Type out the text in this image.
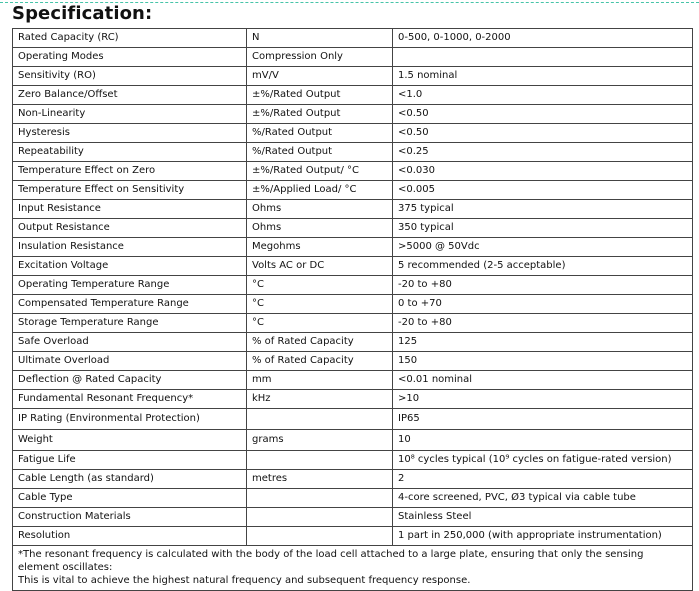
Specification:
Rated Capacity (RC)	N	0-500, 0-1000, 0-2000
Operating Modes	Compression Only	
Sensitivity (RO)	mV/V	1.5 nominal
Zero Balance/Offset	±%/Rated Output	<1.0
Non-Linearity	±%/Rated Output	<0.50
Hysteresis	%/Rated Output	<0.50
Repeatability	%/Rated Output	<0.25
Temperature Effect on Zero	±%/Rated Output/ °C	<0.030
Temperature Effect on Sensitivity	±%/Applied Load/ °C	<0.005
Input Resistance	Ohms	375 typical
Output Resistance	Ohms	350 typical
Insulation Resistance	Megohms	>5000 @ 50Vdc
Excitation Voltage	Volts AC or DC	5 recommended (2-5 acceptable)
Operating Temperature Range	°C	-20 to +80
Compensated Temperature Range	°C	0 to +70
Storage Temperature Range	°C	-20 to +80
Safe Overload	% of Rated Capacity	125
Ultimate Overload	% of Rated Capacity	150
Deflection @ Rated Capacity	mm	<0.01 nominal
Fundamental Resonant Frequency*	kHz	>10
IP Rating (Environmental Protection)		IP65
Weight	grams	10
Fatigue Life		10⁸ cycles typical (10⁹ cycles on fatigue-rated version)
Cable Length (as standard)	metres	2
Cable Type		4-core screened, PVC, Ø3 typical via cable tube
Construction Materials		Stainless Steel
Resolution		1 part in 250,000 (with appropriate instrumentation)

*The resonant frequency is calculated with the body of the load cell attached to a large plate, ensuring that only the sensing element oscillates:
This is vital to achieve the highest natural frequency and subsequent frequency response.		
